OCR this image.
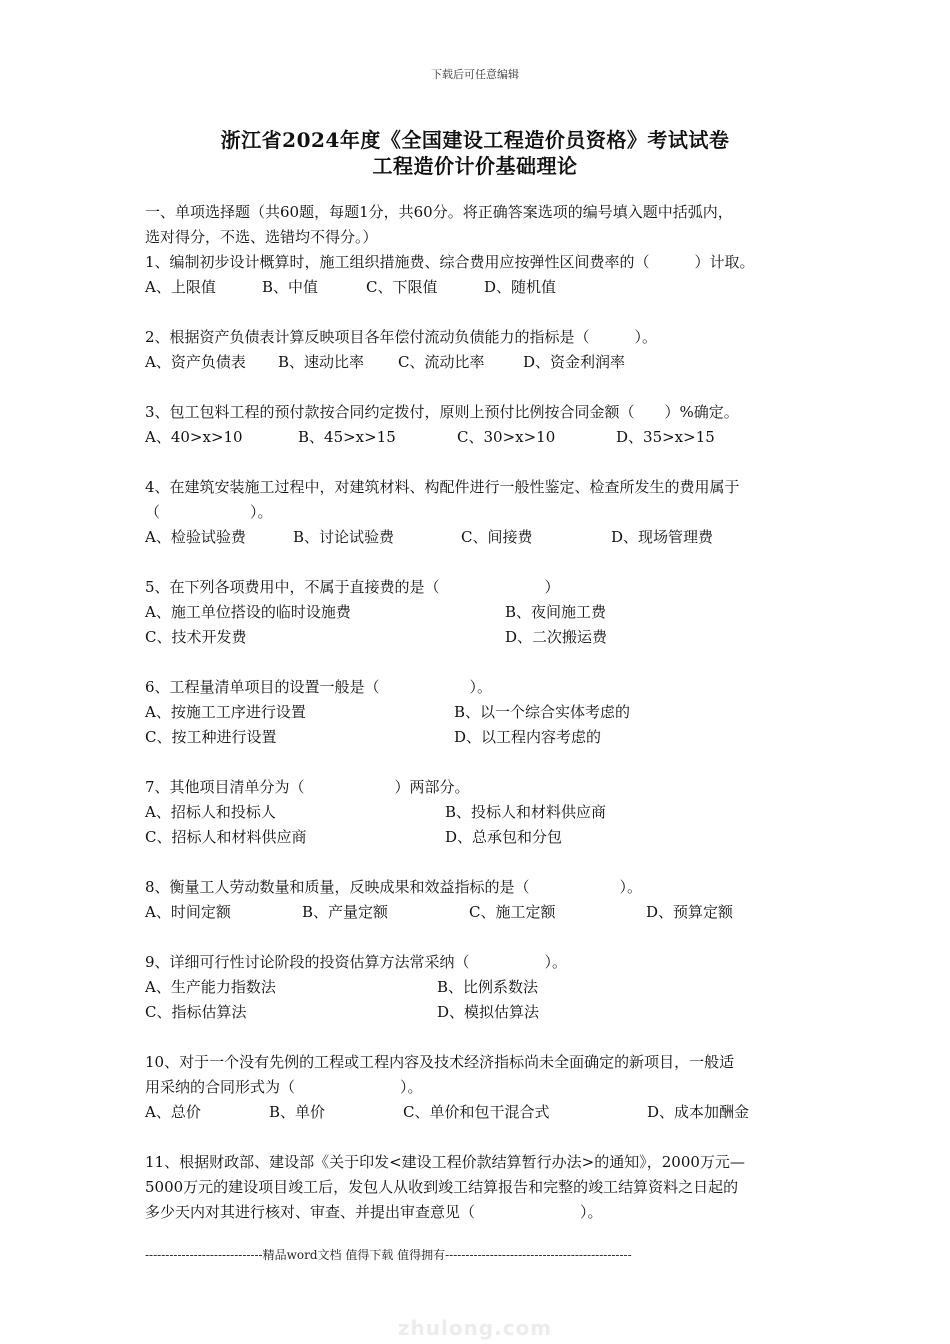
下载后可任意编辑
浙江省2024年度《全国建设工程造价员资格》考试试卷
工程造价计价基础理论

一、单项选择题（共60题，每题1分，共60分。将正确答案选项的编号填入题中括弧内，

选对得分，不选、选错均不得分。）

1、编制初步设计概算时，施工组织措施费、综合费用应按弹性区间费率的（　　　）计取。

A、上限值	B、中值	C、下限值	D、随机值

2、根据资产负债表计算反映项目各年偿付流动负债能力的指标是（　　　）。

A、资产负债表	B、速动比率	C、流动比率	D、资金利润率

3、包工包料工程的预付款按合同约定拨付，原则上预付比例按合同金额（　　）%确定。

A、40>x>10	B、45>x>15	C、30>x>10	D、35>x>15

4、在建筑安装施工过程中，对建筑材料、构配件进行一般性鉴定、检查所发生的费用属于

（　　　　　　）。

A、检验试验费	B、讨论试验费	C、间接费	D、现场管理费

5、在下列各项费用中，不属于直接费的是（　　　　　　　）

A、施工单位搭设的临时设施费	B、夜间施工费
C、技术开发费	D、二次搬运费

6、工程量清单项目的设置一般是（　　　　　　）。

A、按施工工序进行设置	B、以一个综合实体考虑的
C、按工种进行设置	D、以工程内容考虑的

7、其他项目清单分为（　　　　　　）两部分。

A、招标人和投标人	B、投标人和材料供应商
C、招标人和材料供应商	D、总承包和分包

8、衡量工人劳动数量和质量，反映成果和效益指标的是（　　　　　　）。

A、时间定额	B、产量定额	C、施工定额	D、预算定额

9、详细可行性讨论阶段的投资估算方法常采纳（　　　　　）。

A、生产能力指数法	B、比例系数法
C、指标估算法	D、模拟估算法

10、对于一个没有先例的工程或工程内容及技术经济指标尚未全面确定的新项目，一般适

用采纳的合同形式为（　　　　　　　）。

A、总价	B、单价	C、单价和包干混合式	D、成本加酬金

11、根据财政部、建设部《关于印发<建设工程价款结算暂行办法>的通知》，2000万元—

5000万元的建设项目竣工后，发包人从收到竣工结算报告和完整的竣工结算资料之日起的

多少天内对其进行核对、审查、并提出审查意见（　　　　　　　）。

-----------------------------精品word文档 值得下载 值得拥有----------------------------------------------
zhulong.com
